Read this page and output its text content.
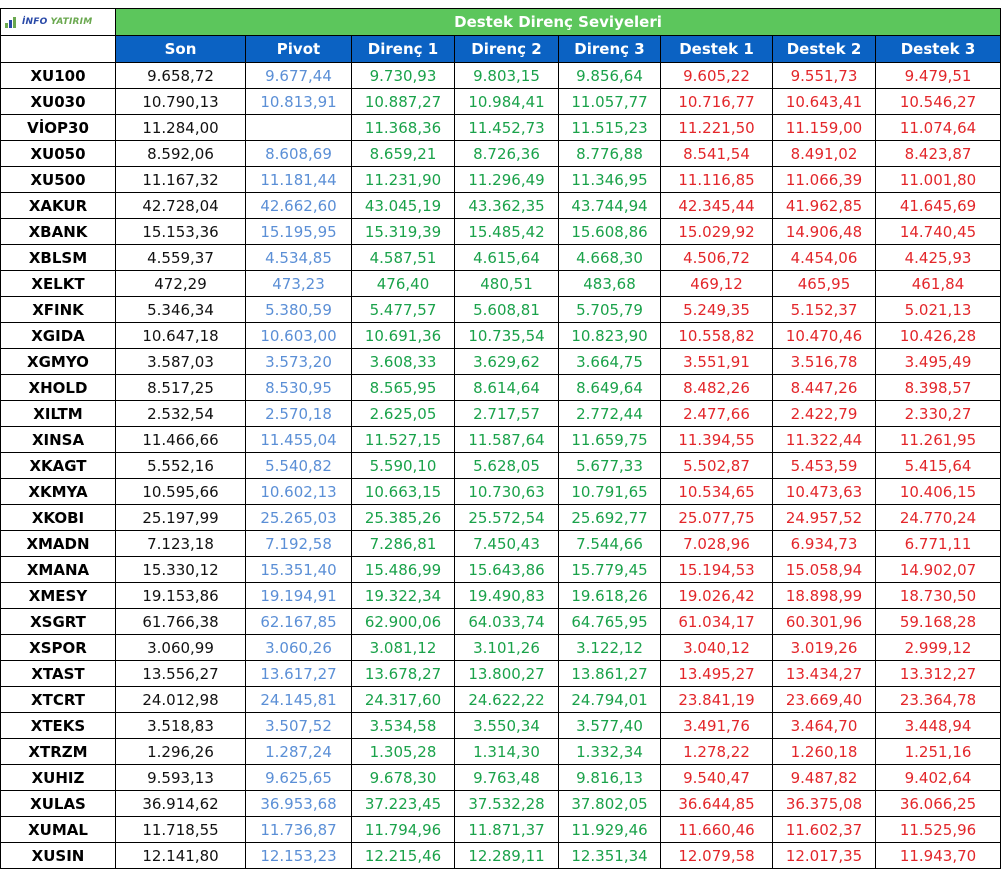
İNFO YATIRIM	Destek Direnç Seviyeleri							
	Son	Pivot	Direnç 1	Direnç 2	Direnç 3	Destek 1	Destek 2	Destek 3
XU100	9.658,72	9.677,44	9.730,93	9.803,15	9.856,64	9.605,22	9.551,73	9.479,51
XU030	10.790,13	10.813,91	10.887,27	10.984,41	11.057,77	10.716,77	10.643,41	10.546,27
VİOP30	11.284,00		11.368,36	11.452,73	11.515,23	11.221,50	11.159,00	11.074,64
XU050	8.592,06	8.608,69	8.659,21	8.726,36	8.776,88	8.541,54	8.491,02	8.423,87
XU500	11.167,32	11.181,44	11.231,90	11.296,49	11.346,95	11.116,85	11.066,39	11.001,80
XAKUR	42.728,04	42.662,60	43.045,19	43.362,35	43.744,94	42.345,44	41.962,85	41.645,69
XBANK	15.153,36	15.195,95	15.319,39	15.485,42	15.608,86	15.029,92	14.906,48	14.740,45
XBLSM	4.559,37	4.534,85	4.587,51	4.615,64	4.668,30	4.506,72	4.454,06	4.425,93
XELKT	472,29	473,23	476,40	480,51	483,68	469,12	465,95	461,84
XFINK	5.346,34	5.380,59	5.477,57	5.608,81	5.705,79	5.249,35	5.152,37	5.021,13
XGIDA	10.647,18	10.603,00	10.691,36	10.735,54	10.823,90	10.558,82	10.470,46	10.426,28
XGMYO	3.587,03	3.573,20	3.608,33	3.629,62	3.664,75	3.551,91	3.516,78	3.495,49
XHOLD	8.517,25	8.530,95	8.565,95	8.614,64	8.649,64	8.482,26	8.447,26	8.398,57
XILTM	2.532,54	2.570,18	2.625,05	2.717,57	2.772,44	2.477,66	2.422,79	2.330,27
XINSA	11.466,66	11.455,04	11.527,15	11.587,64	11.659,75	11.394,55	11.322,44	11.261,95
XKAGT	5.552,16	5.540,82	5.590,10	5.628,05	5.677,33	5.502,87	5.453,59	5.415,64
XKMYA	10.595,66	10.602,13	10.663,15	10.730,63	10.791,65	10.534,65	10.473,63	10.406,15
XKOBI	25.197,99	25.265,03	25.385,26	25.572,54	25.692,77	25.077,75	24.957,52	24.770,24
XMADN	7.123,18	7.192,58	7.286,81	7.450,43	7.544,66	7.028,96	6.934,73	6.771,11
XMANA	15.330,12	15.351,40	15.486,99	15.643,86	15.779,45	15.194,53	15.058,94	14.902,07
XMESY	19.153,86	19.194,91	19.322,34	19.490,83	19.618,26	19.026,42	18.898,99	18.730,50
XSGRT	61.766,38	62.167,85	62.900,06	64.033,74	64.765,95	61.034,17	60.301,96	59.168,28
XSPOR	3.060,99	3.060,26	3.081,12	3.101,26	3.122,12	3.040,12	3.019,26	2.999,12
XTAST	13.556,27	13.617,27	13.678,27	13.800,27	13.861,27	13.495,27	13.434,27	13.312,27
XTCRT	24.012,98	24.145,81	24.317,60	24.622,22	24.794,01	23.841,19	23.669,40	23.364,78
XTEKS	3.518,83	3.507,52	3.534,58	3.550,34	3.577,40	3.491,76	3.464,70	3.448,94
XTRZM	1.296,26	1.287,24	1.305,28	1.314,30	1.332,34	1.278,22	1.260,18	1.251,16
XUHIZ	9.593,13	9.625,65	9.678,30	9.763,48	9.816,13	9.540,47	9.487,82	9.402,64
XULAS	36.914,62	36.953,68	37.223,45	37.532,28	37.802,05	36.644,85	36.375,08	36.066,25
XUMAL	11.718,55	11.736,87	11.794,96	11.871,37	11.929,46	11.660,46	11.602,37	11.525,96
XUSIN	12.141,80	12.153,23	12.215,46	12.289,11	12.351,34	12.079,58	12.017,35	11.943,70
